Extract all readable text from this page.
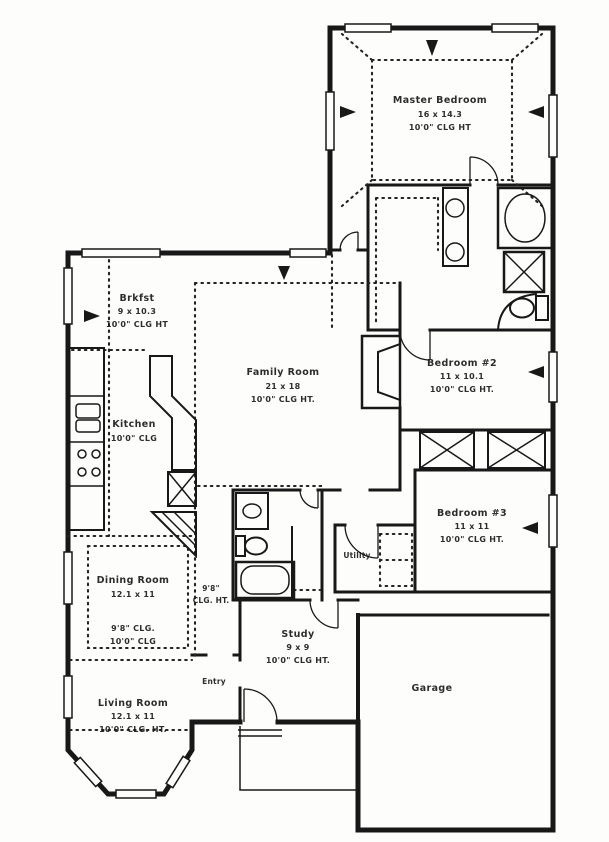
Master Bedroom
16 x 14.3
10'0" CLG HT
Brkfst
9 x 10.3
10'0" CLG HT
Family Room
21 x 18
10'0" CLG HT.
Kitchen
10'0" CLG
Bedroom #2
11 x 10.1
10'0" CLG HT.
Bedroom #3
11 x 11
10'0" CLG HT.
Dining Room
12.1 x 11
9'8" CLG.
10'0" CLG
Living Room
12.1 x 11
10'0" CLG. HT.
Study
9 x 9
10'0" CLG HT.
Entry
Utility
Garage
9'8"
CLG. HT.
